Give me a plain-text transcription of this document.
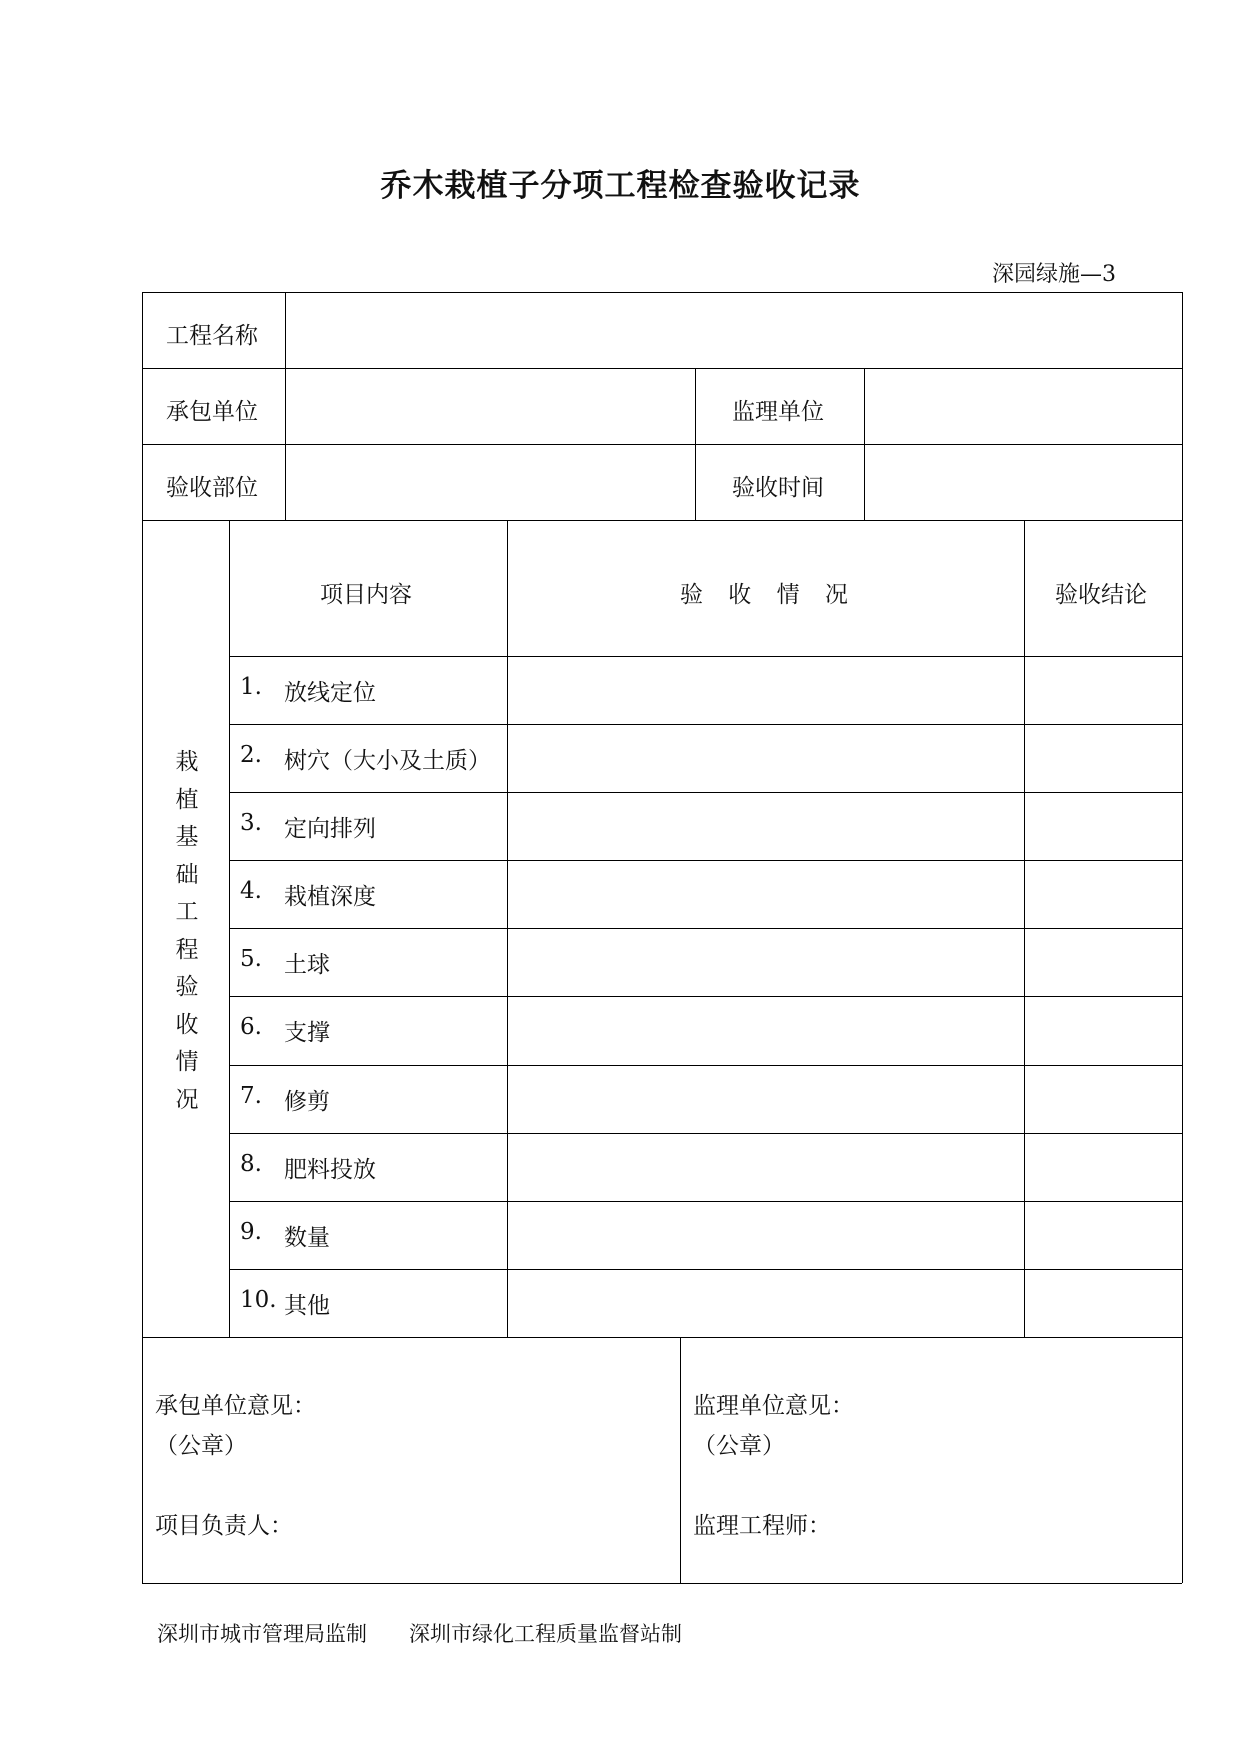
乔木栽植子分项工程检查验收记录
深园绿施—3
工程名称
承包单位	监理单位
验收部位	验收时间
栽
植
基
础
工
程
验
收
情
况
项目内容	验 收 情 况	验收结论
1. 放线定位
2. 树穴（大小及土质）
3. 定向排列
4. 栽植深度
5. 土球
6. 支撑
7. 修剪
8. 肥料投放
9. 数量
10. 其他
承包单位意见：
（公章）
项目负责人：
监理单位意见：
（公章）
监理工程师：
深圳市城市管理局监制 深圳市绿化工程质量监督站制
